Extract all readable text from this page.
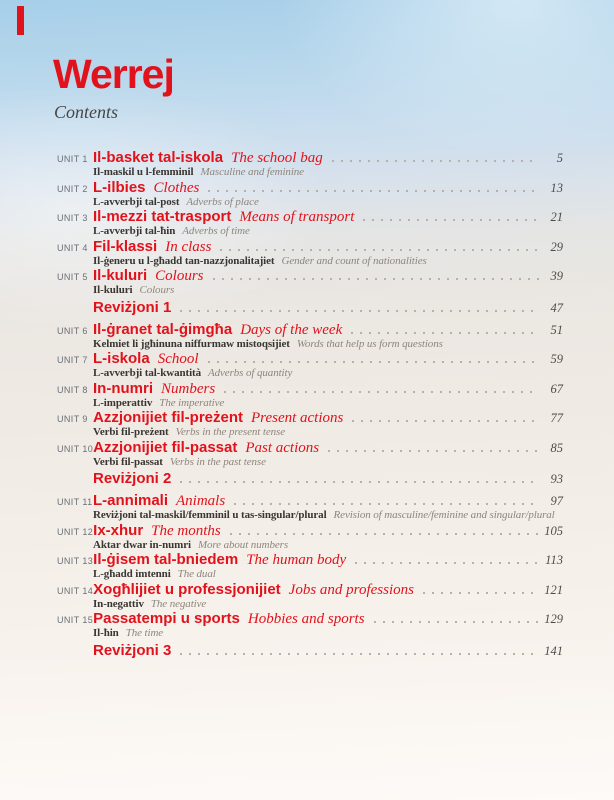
Werrej
Contents
UNIT 1 Il-basket tal-iskola The school bag	5
Il-maskil u l-femminil Masculine and feminine
UNIT 2 L-ilbies Clothes	13
L-avverbji tal-post Adverbs of place
UNIT 3 Il-mezzi tat-trasport Means of transport	21
L-avverbji tal-ħin Adverbs of time
UNIT 4 Fil-klassi In class	29
Il-ġeneru u l-għadd tan-nazzjonalitajiet Gender and count of nationalities
UNIT 5 Il-kuluri Colours	39
Il-kuluri Colours
Reviżjoni 1	47
UNIT 6 Il-ġranet tal-ġimgħa Days of the week	51
Kelmiet li jgħinuna niffurmaw mistoqsijiet Words that help us form questions
UNIT 7 L-iskola School	59
L-avverbji tal-kwantità Adverbs of quantity
UNIT 8 In-numri Numbers	67
L-imperattiv The imperative
UNIT 9 Azzjonijiet fil-preżent Present actions	77
Verbi fil-preżent Verbs in the present tense
UNIT 10 Azzjonijiet fil-passat Past actions	85
Verbi fil-passat Verbs in the past tense
Reviżjoni 2	93
UNIT 11 L-annimali Animals	97
Reviżjoni tal-maskil/femminil u tas-singular/plural Revision of masculine/feminine and singular/plural
UNIT 12 Ix-xhur The months	105
Aktar dwar in-numri More about numbers
UNIT 13 Il-ġisem tal-bniedem The human body	113
L-għadd imtenni The dual
UNIT 14 Xogħlijiet u professjonijiet Jobs and professions	121
In-negattiv The negative
UNIT 15 Passatempi u sports Hobbies and sports	129
Il-ħin The time
Reviżjoni 3	141
